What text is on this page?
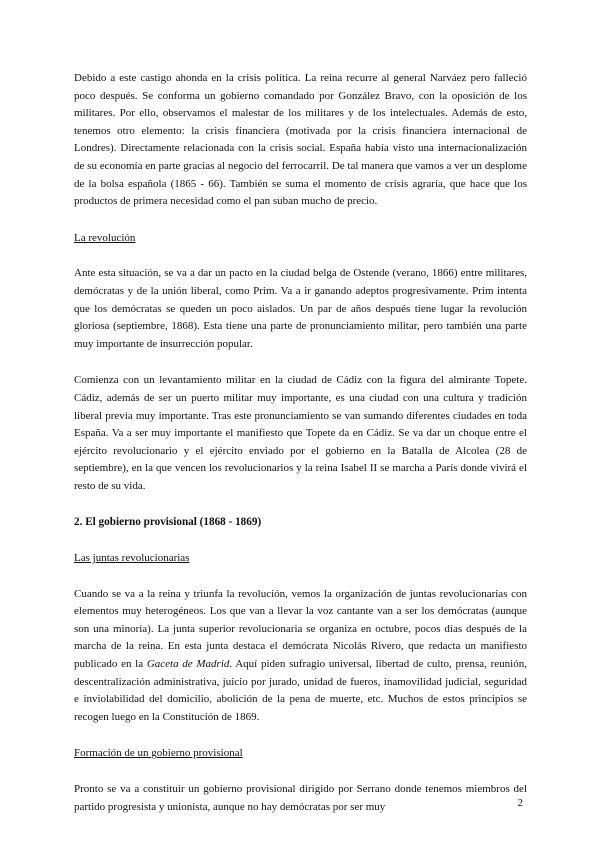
Debido a este castigo ahonda en la crisis política. La reina recurre al general Narváez pero falleció poco después. Se conforma un gobierno comandado por González Bravo, con la oposición de los militares. Por ello, observamos el malestar de los militares y de los intelectuales. Además de esto, tenemos otro elemento: la crisis financiera (motivada por la crisis financiera internacional de Londres). Directamente relacionada con la crisis social. España había visto una internacionalización de su economía en parte gracias al negocio del ferrocarril. De tal manera que vamos a ver un desplome de la bolsa española (1865 - 66). También se suma el momento de crisis agraria, que hace que los productos de primera necesidad como el pan suban mucho de precio.

La revolución

Ante esta situación, se va a dar un pacto en la ciudad belga de Ostende (verano, 1866) entre militares, demócratas y de la unión liberal, como Prim. Va a ir ganando adeptos progresivamente. Prim intenta que los demócratas se queden un poco aislados. Un par de años después tiene lugar la revolución gloriosa (septiembre, 1868). Esta tiene una parte de pronunciamiento militar, pero también una parte muy importante de insurrección popular.

Comienza con un levantamiento militar en la ciudad de Cádiz con la figura del almirante Topete. Cádiz, además de ser un puerto militar muy importante, es una ciudad con una cultura y tradición liberal previa muy importante. Tras este pronunciamiento se van sumando diferentes ciudades en toda España. Va a ser muy importante el manifiesto que Topete da en Cádiz. Se va dar un choque entre el ejército revolucionario y el ejército enviado por el gobierno en la Batalla de Alcolea (28 de septiembre), en la que vencen los revolucionarios y la reina Isabel II se marcha a París donde vivirá el resto de su vida.

2. El gobierno provisional (1868 - 1869)
Las juntas revolucionarias

Cuando se va a la reina y triunfa la revolución, vemos la organización de juntas revolucionarias con elementos muy heterogéneos. Los que van a llevar la voz cantante van a ser los demócratas (aunque son una minoría). La junta superior revolucionaria se organiza en octubre, pocos días después de la marcha de la reina. En esta junta destaca el demócrata Nicolás Rivero, que redacta un manifiesto publicado en la Gaceta de Madrid. Aquí piden sufragio universal, libertad de culto, prensa, reunión, descentralización administrativa, juicio por jurado, unidad de fueros, inamovilidad judicial, seguridad e inviolabilidad del domicilio, abolición de la pena de muerte, etc. Muchos de estos principios se recogen luego en la Constitución de 1869.

Formación de un gobierno provisional

Pronto se va a constituir un gobierno provisional dirigido por Serrano donde tenemos miembros del partido progresista y unionista, aunque no hay demócratas por ser muy	2
